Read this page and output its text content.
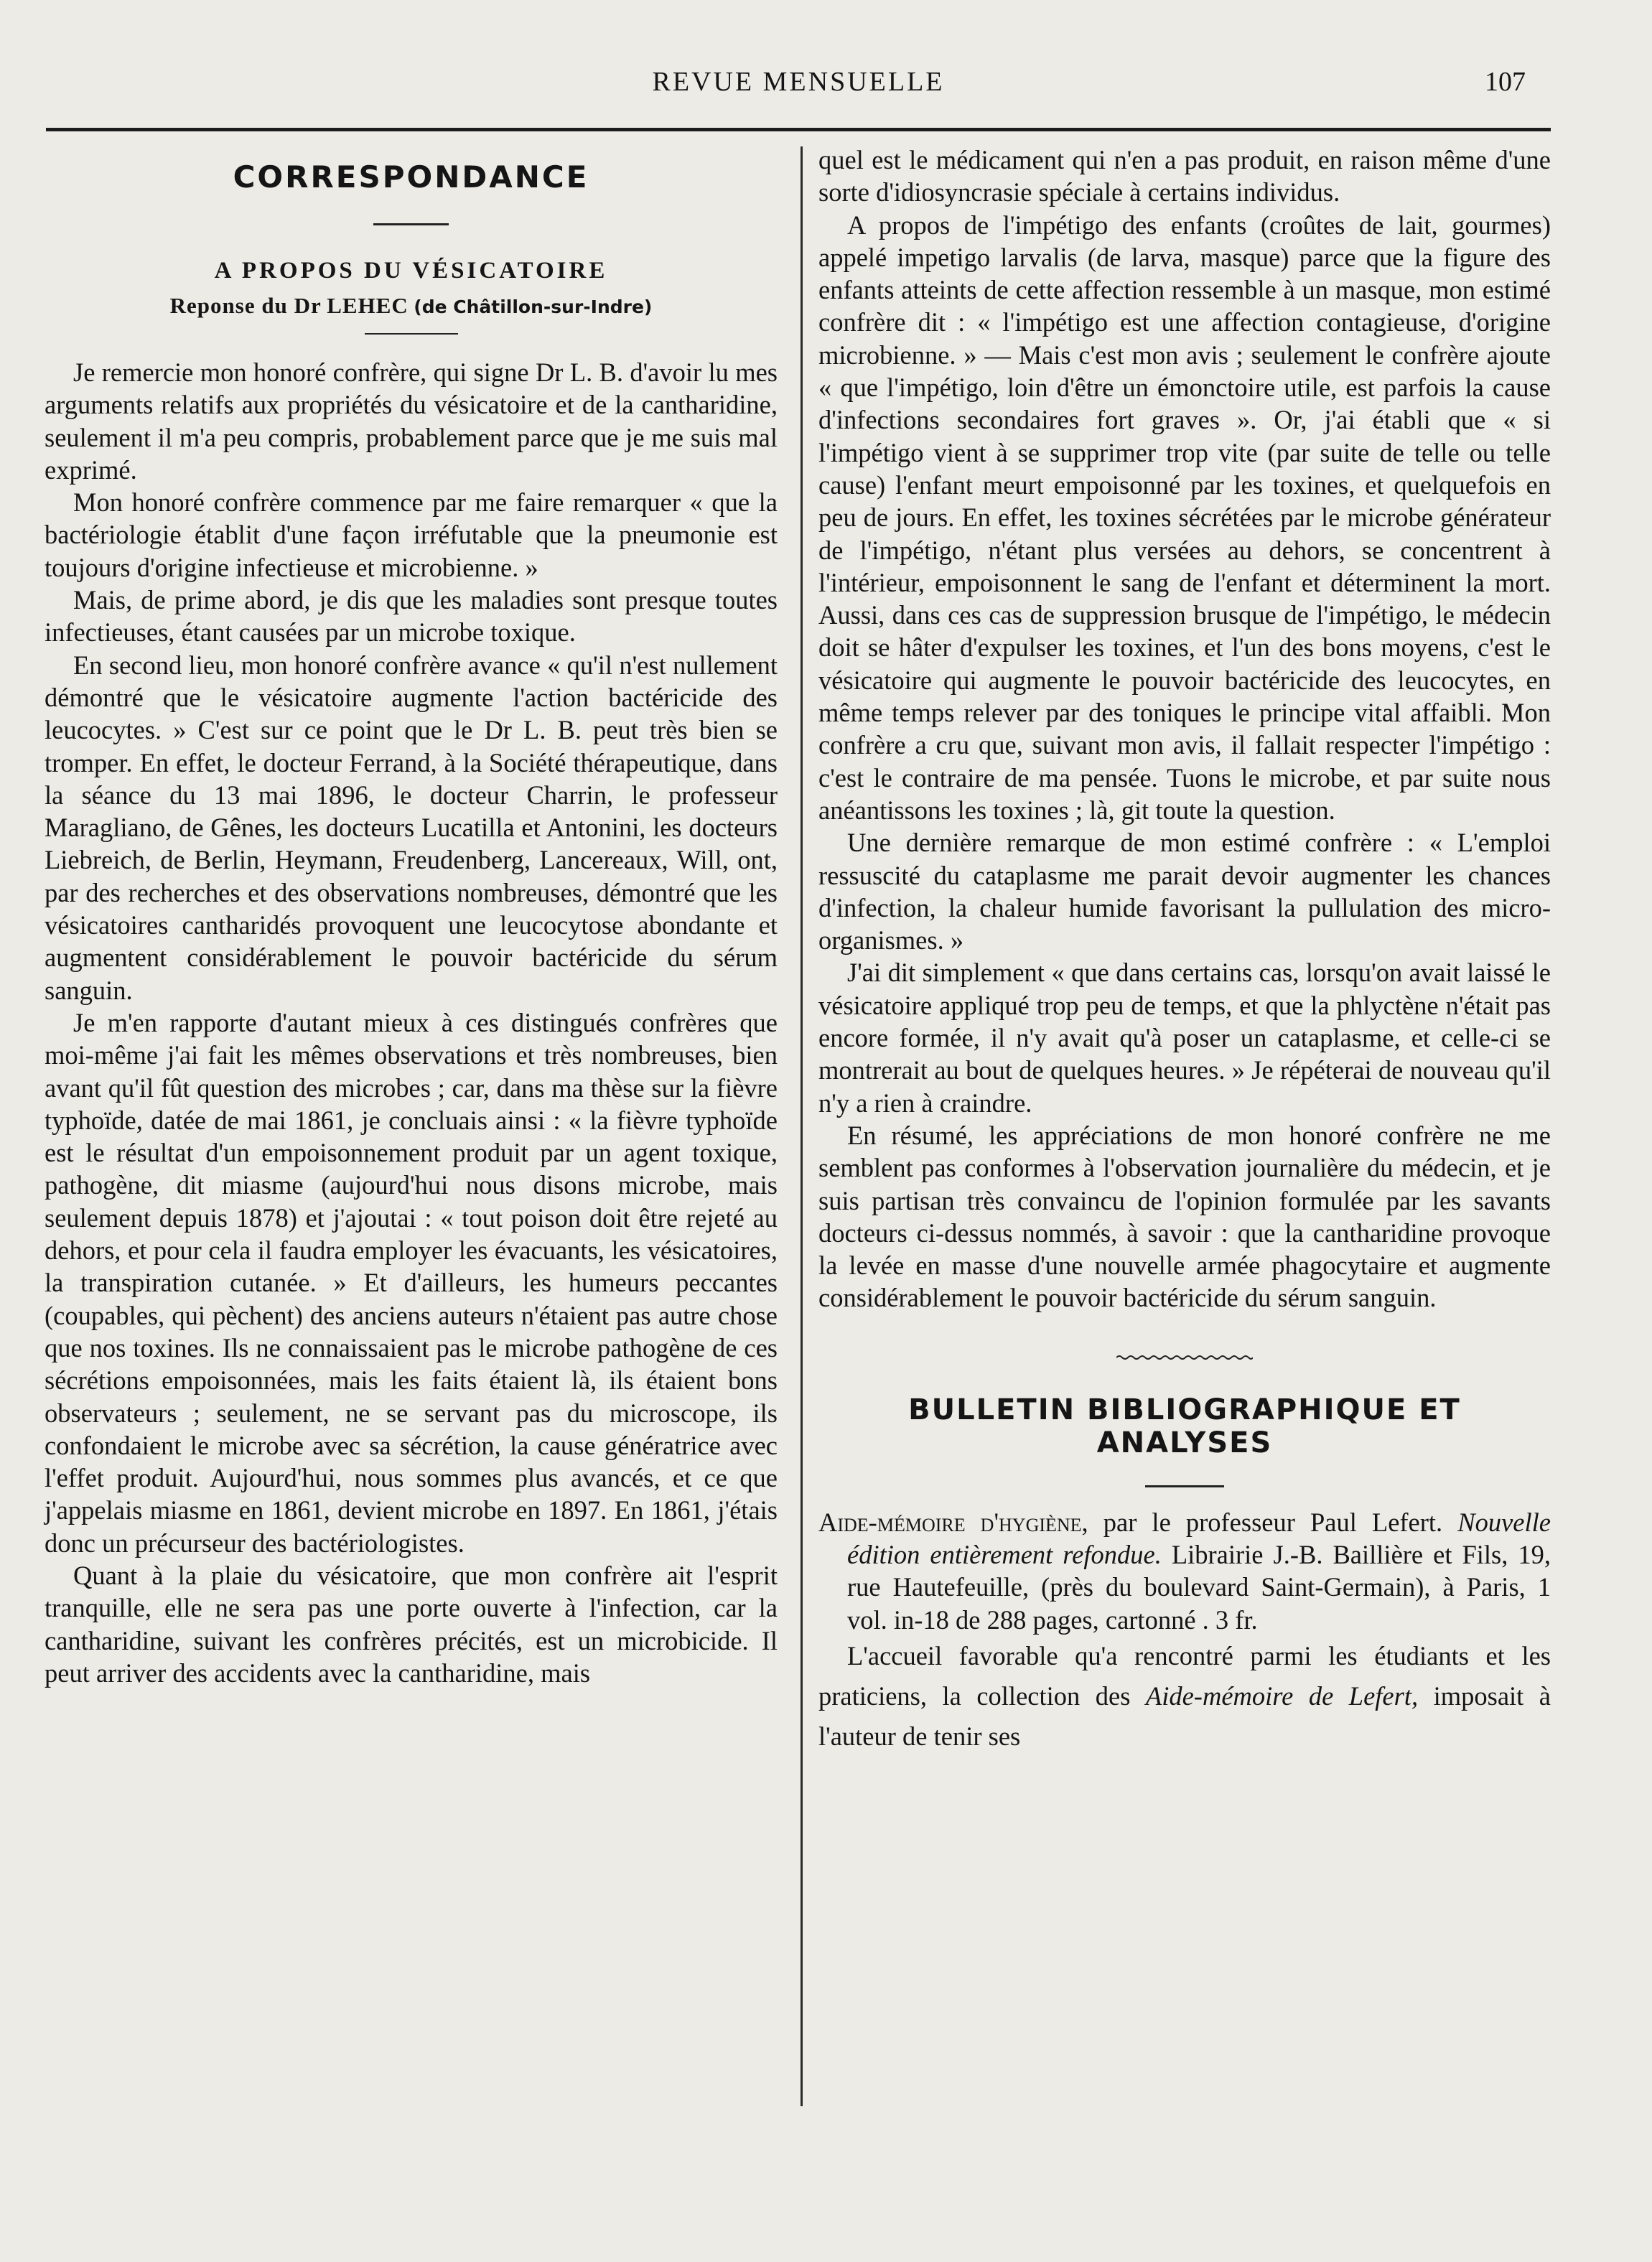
REVUE MENSUELLE	107
CORRESPONDANCE
A PROPOS DU VÉSICATOIRE

Reponse du Dr LEHEC (de Châtillon-sur-Indre)

Je remercie mon honoré confrère, qui signe Dr L. B. d'avoir lu mes arguments relatifs aux propriétés du vésicatoire et de la cantharidine, seulement il m'a peu compris, probablement parce que je me suis mal exprimé.

Mon honoré confrère commence par me faire remarquer « que la bactériologie établit d'une façon irréfutable que la pneumonie est toujours d'origine infectieuse et microbienne. »

Mais, de prime abord, je dis que les maladies sont presque toutes infectieuses, étant causées par un microbe toxique.

En second lieu, mon honoré confrère avance « qu'il n'est nullement démontré que le vésicatoire augmente l'action bactéricide des leucocytes. » C'est sur ce point que le Dr L. B. peut très bien se tromper. En effet, le docteur Ferrand, à la Société thérapeutique, dans la séance du 13 mai 1896, le docteur Charrin, le professeur Maragliano, de Gênes, les docteurs Lucatilla et Antonini, les docteurs Liebreich, de Berlin, Heymann, Freudenberg, Lancereaux, Will, ont, par des recherches et des observations nombreuses, démontré que les vésicatoires cantharidés provoquent une leucocytose abondante et augmentent considérablement le pouvoir bactéricide du sérum sanguin.

Je m'en rapporte d'autant mieux à ces distingués confrères que moi-même j'ai fait les mêmes observations et très nombreuses, bien avant qu'il fût question des microbes ; car, dans ma thèse sur la fièvre typhoïde, datée de mai 1861, je concluais ainsi : « la fièvre typhoïde est le résultat d'un empoisonnement produit par un agent toxique, pathogène, dit miasme (aujourd'hui nous disons microbe, mais seulement depuis 1878) et j'ajoutai : « tout poison doit être rejeté au dehors, et pour cela il faudra employer les évacuants, les vésicatoires, la transpiration cutanée. » Et d'ailleurs, les humeurs peccantes (coupables, qui pèchent) des anciens auteurs n'étaient pas autre chose que nos toxines. Ils ne connaissaient pas le microbe pathogène de ces sécrétions empoisonnées, mais les faits étaient là, ils étaient bons observateurs ; seulement, ne se servant pas du microscope, ils confondaient le microbe avec sa sécrétion, la cause génératrice avec l'effet produit. Aujourd'hui, nous sommes plus avancés, et ce que j'appelais miasme en 1861, devient microbe en 1897. En 1861, j'étais donc un précurseur des bactériologistes.

Quant à la plaie du vésicatoire, que mon confrère ait l'esprit tranquille, elle ne sera pas une porte ouverte à l'infection, car la cantharidine, suivant les confrères précités, est un microbicide. Il peut arriver des accidents avec la cantharidine, mais

quel est le médicament qui n'en a pas produit, en raison même d'une sorte d'idiosyncrasie spéciale à certains individus.

A propos de l'impétigo des enfants (croûtes de lait, gourmes) appelé impetigo larvalis (de larva, masque) parce que la figure des enfants atteints de cette affection ressemble à un masque, mon estimé confrère dit : « l'impétigo est une affection contagieuse, d'origine microbienne. » — Mais c'est mon avis ; seulement le confrère ajoute « que l'impétigo, loin d'être un émonctoire utile, est parfois la cause d'infections secondaires fort graves ». Or, j'ai établi que « si l'impétigo vient à se supprimer trop vite (par suite de telle ou telle cause) l'enfant meurt empoisonné par les toxines, et quelquefois en peu de jours. En effet, les toxines sécrétées par le microbe générateur de l'impétigo, n'étant plus versées au dehors, se concentrent à l'intérieur, empoisonnent le sang de l'enfant et déterminent la mort. Aussi, dans ces cas de suppression brusque de l'impétigo, le médecin doit se hâter d'expulser les toxines, et l'un des bons moyens, c'est le vésicatoire qui augmente le pouvoir bactéricide des leucocytes, en même temps relever par des toniques le principe vital affaibli. Mon confrère a cru que, suivant mon avis, il fallait respecter l'impétigo : c'est le contraire de ma pensée. Tuons le microbe, et par suite nous anéantissons les toxines ; là, git toute la question.

Une dernière remarque de mon estimé confrère : « L'emploi ressuscité du cataplasme me parait devoir augmenter les chances d'infection, la chaleur humide favorisant la pullulation des micro-organismes. »

J'ai dit simplement « que dans certains cas, lorsqu'on avait laissé le vésicatoire appliqué trop peu de temps, et que la phlyctène n'était pas encore formée, il n'y avait qu'à poser un cataplasme, et celle-ci se montrerait au bout de quelques heures. » Je répéterai de nouveau qu'il n'y a rien à craindre.

En résumé, les appréciations de mon honoré confrère ne me semblent pas conformes à l'observation journalière du médecin, et je suis partisan très convaincu de l'opinion formulée par les savants docteurs ci-dessus nommés, à savoir : que la cantharidine provoque la levée en masse d'une nouvelle armée phagocytaire et augmente considérablement le pouvoir bactéricide du sérum sanguin.

BULLETIN BIBLIOGRAPHIQUE ET ANALYSES

Aide-mémoire d'hygiène, par le professeur Paul Lefert. Nouvelle édition entièrement refondue. Librairie J.-B. Baillière et Fils, 19, rue Hautefeuille, (près du boulevard Saint-Germain), à Paris, 1 vol. in-18 de 288 pages, cartonné . 3 fr.

L'accueil favorable qu'a rencontré parmi les étudiants et les praticiens, la collection des Aide-mémoire de Lefert, imposait à l'auteur de tenir ses
